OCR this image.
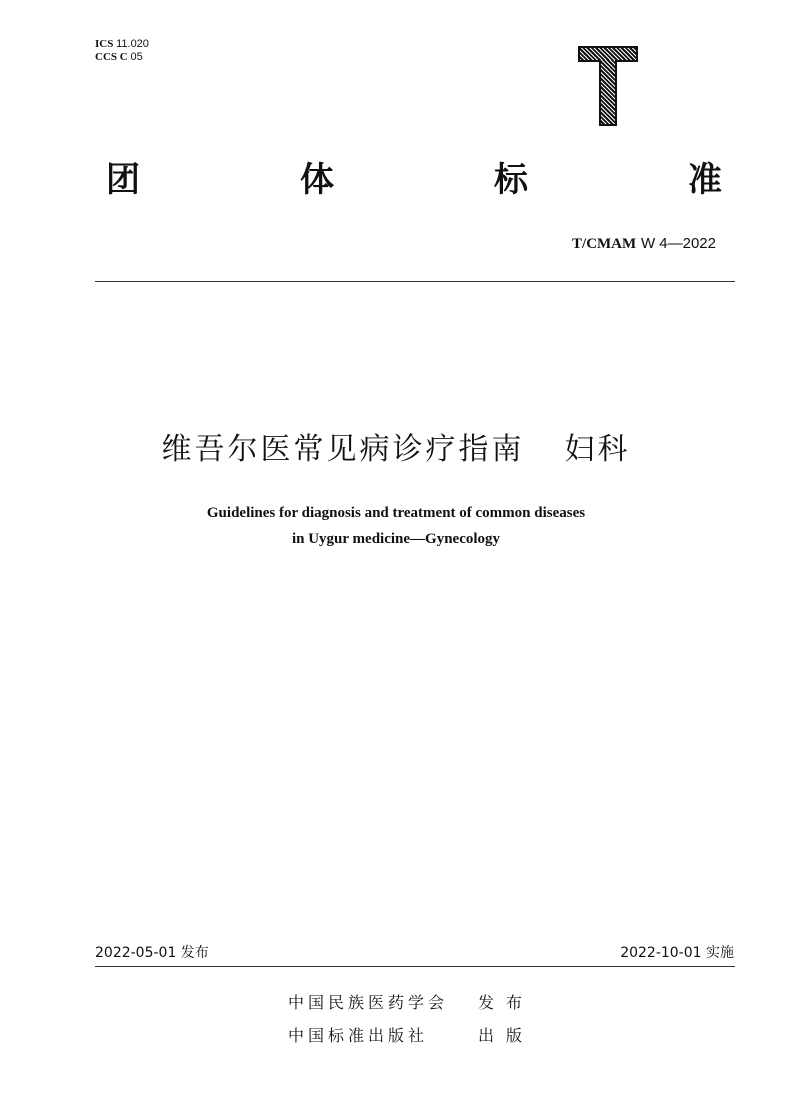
ICS 11.020
CCS C 05
团	体	标	准
T/CMAM W 4—2022
维吾尔医常见病诊疗指南 妇科
Guidelines for diagnosis and treatment of common diseases
in Uygur medicine—Gynecology
2022-05-01 发布	2022-10-01 实施
中国民族医药学会 发布
中国标准出版社	出版
